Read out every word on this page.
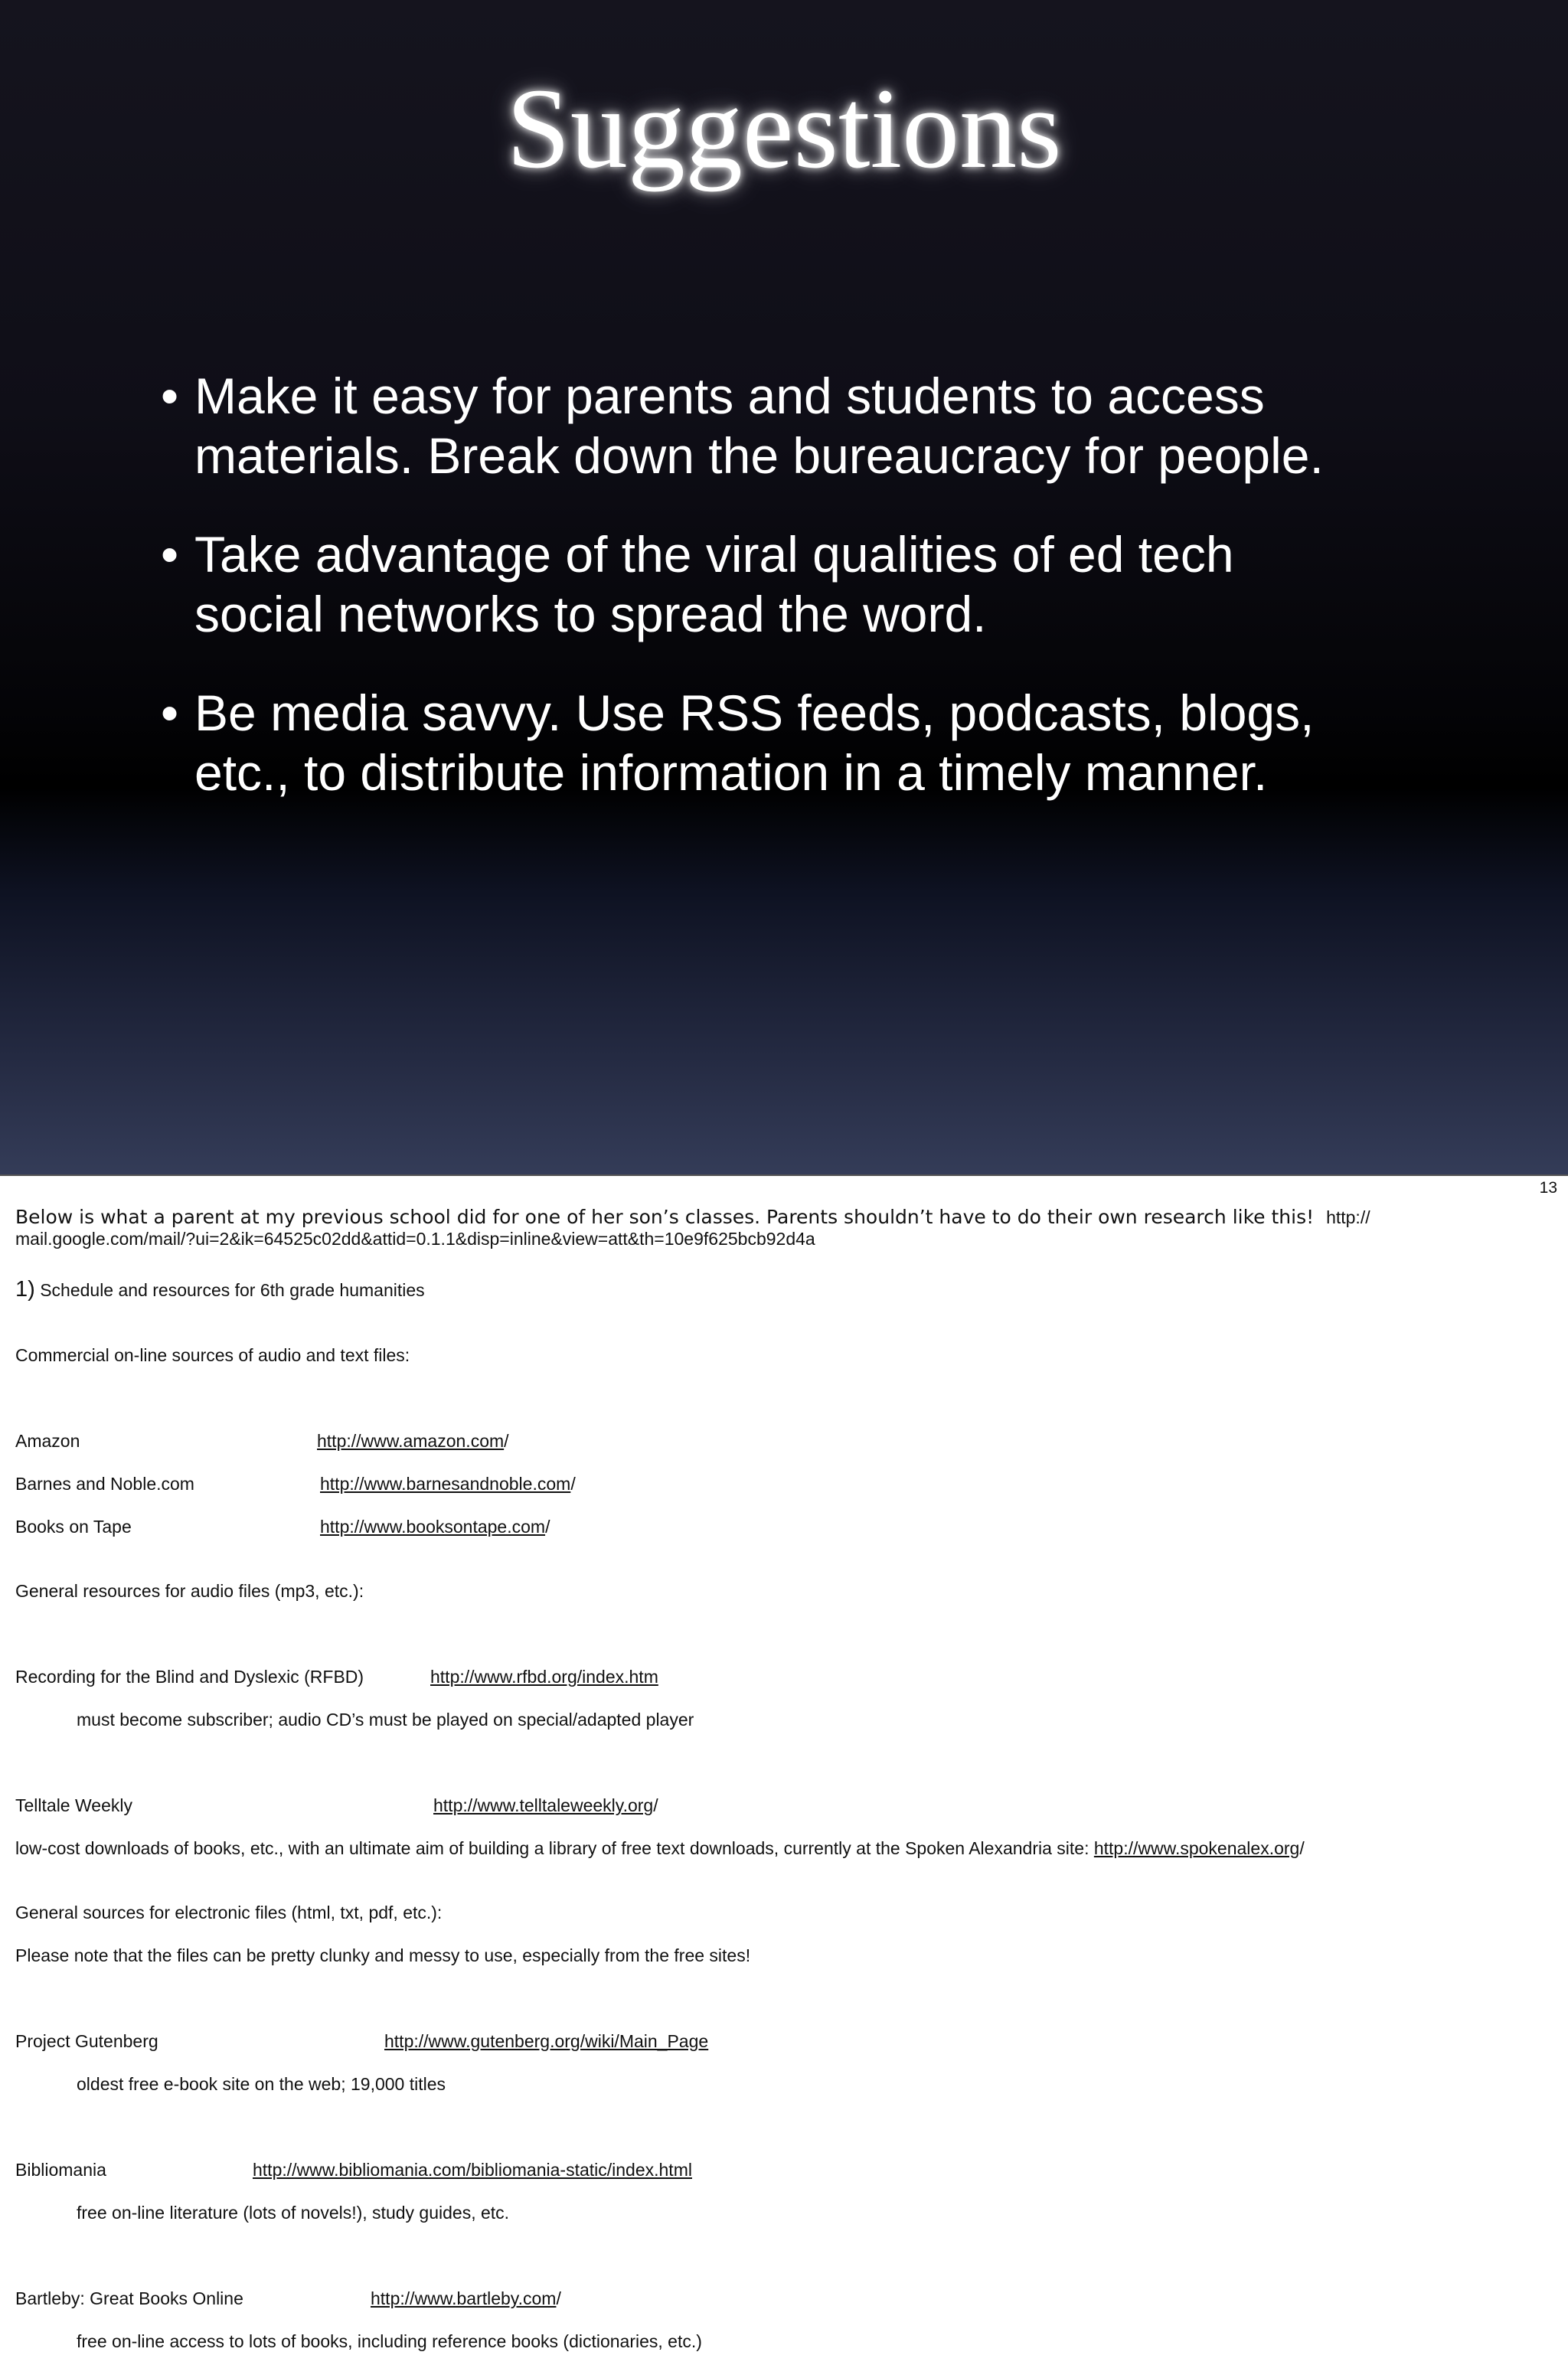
Suggestions
• Make it easy for parents and students to access
materials. Break down the bureaucracy for people.
• Take advantage of the viral qualities of ed tech
social networks to spread the word.
• Be media savvy. Use RSS feeds, podcasts, blogs,
etc., to distribute information in a timely manner.
13
Below is what a parent at my previous school did for one of her son’s classes. Parents shouldn’t have to do their own research like this! http://
mail.google.com/mail/?ui=2&ik=64525c02dd&attid=0.1.1&disp=inline&view=att&th=10e9f625bcb92d4a
1) Schedule and resources for 6th grade humanities
Commercial on-line sources of audio and text files:
Amazon	http://www.amazon.com/
Barnes and Noble.com	http://www.barnesandnoble.com/
Books on Tape	http://www.booksontape.com/
General resources for audio files (mp3, etc.):
Recording for the Blind and Dyslexic (RFBD)	http://www.rfbd.org/index.htm
must become subscriber; audio CD’s must be played on special/adapted player
Telltale Weekly	http://www.telltaleweekly.org/
low-cost downloads of books, etc., with an ultimate aim of building a library of free text downloads, currently at the Spoken Alexandria site: http://www.spokenalex.org/
General sources for electronic files (html, txt, pdf, etc.):
Please note that the files can be pretty clunky and messy to use, especially from the free sites!
Project Gutenberg	http://www.gutenberg.org/wiki/Main_Page
oldest free e-book site on the web; 19,000 titles
Bibliomania	http://www.bibliomania.com/bibliomania-static/index.html
free on-line literature (lots of novels!), study guides, etc.
Bartleby: Great Books Online	http://www.bartleby.com/
free on-line access to lots of books, including reference books (dictionaries, etc.)
